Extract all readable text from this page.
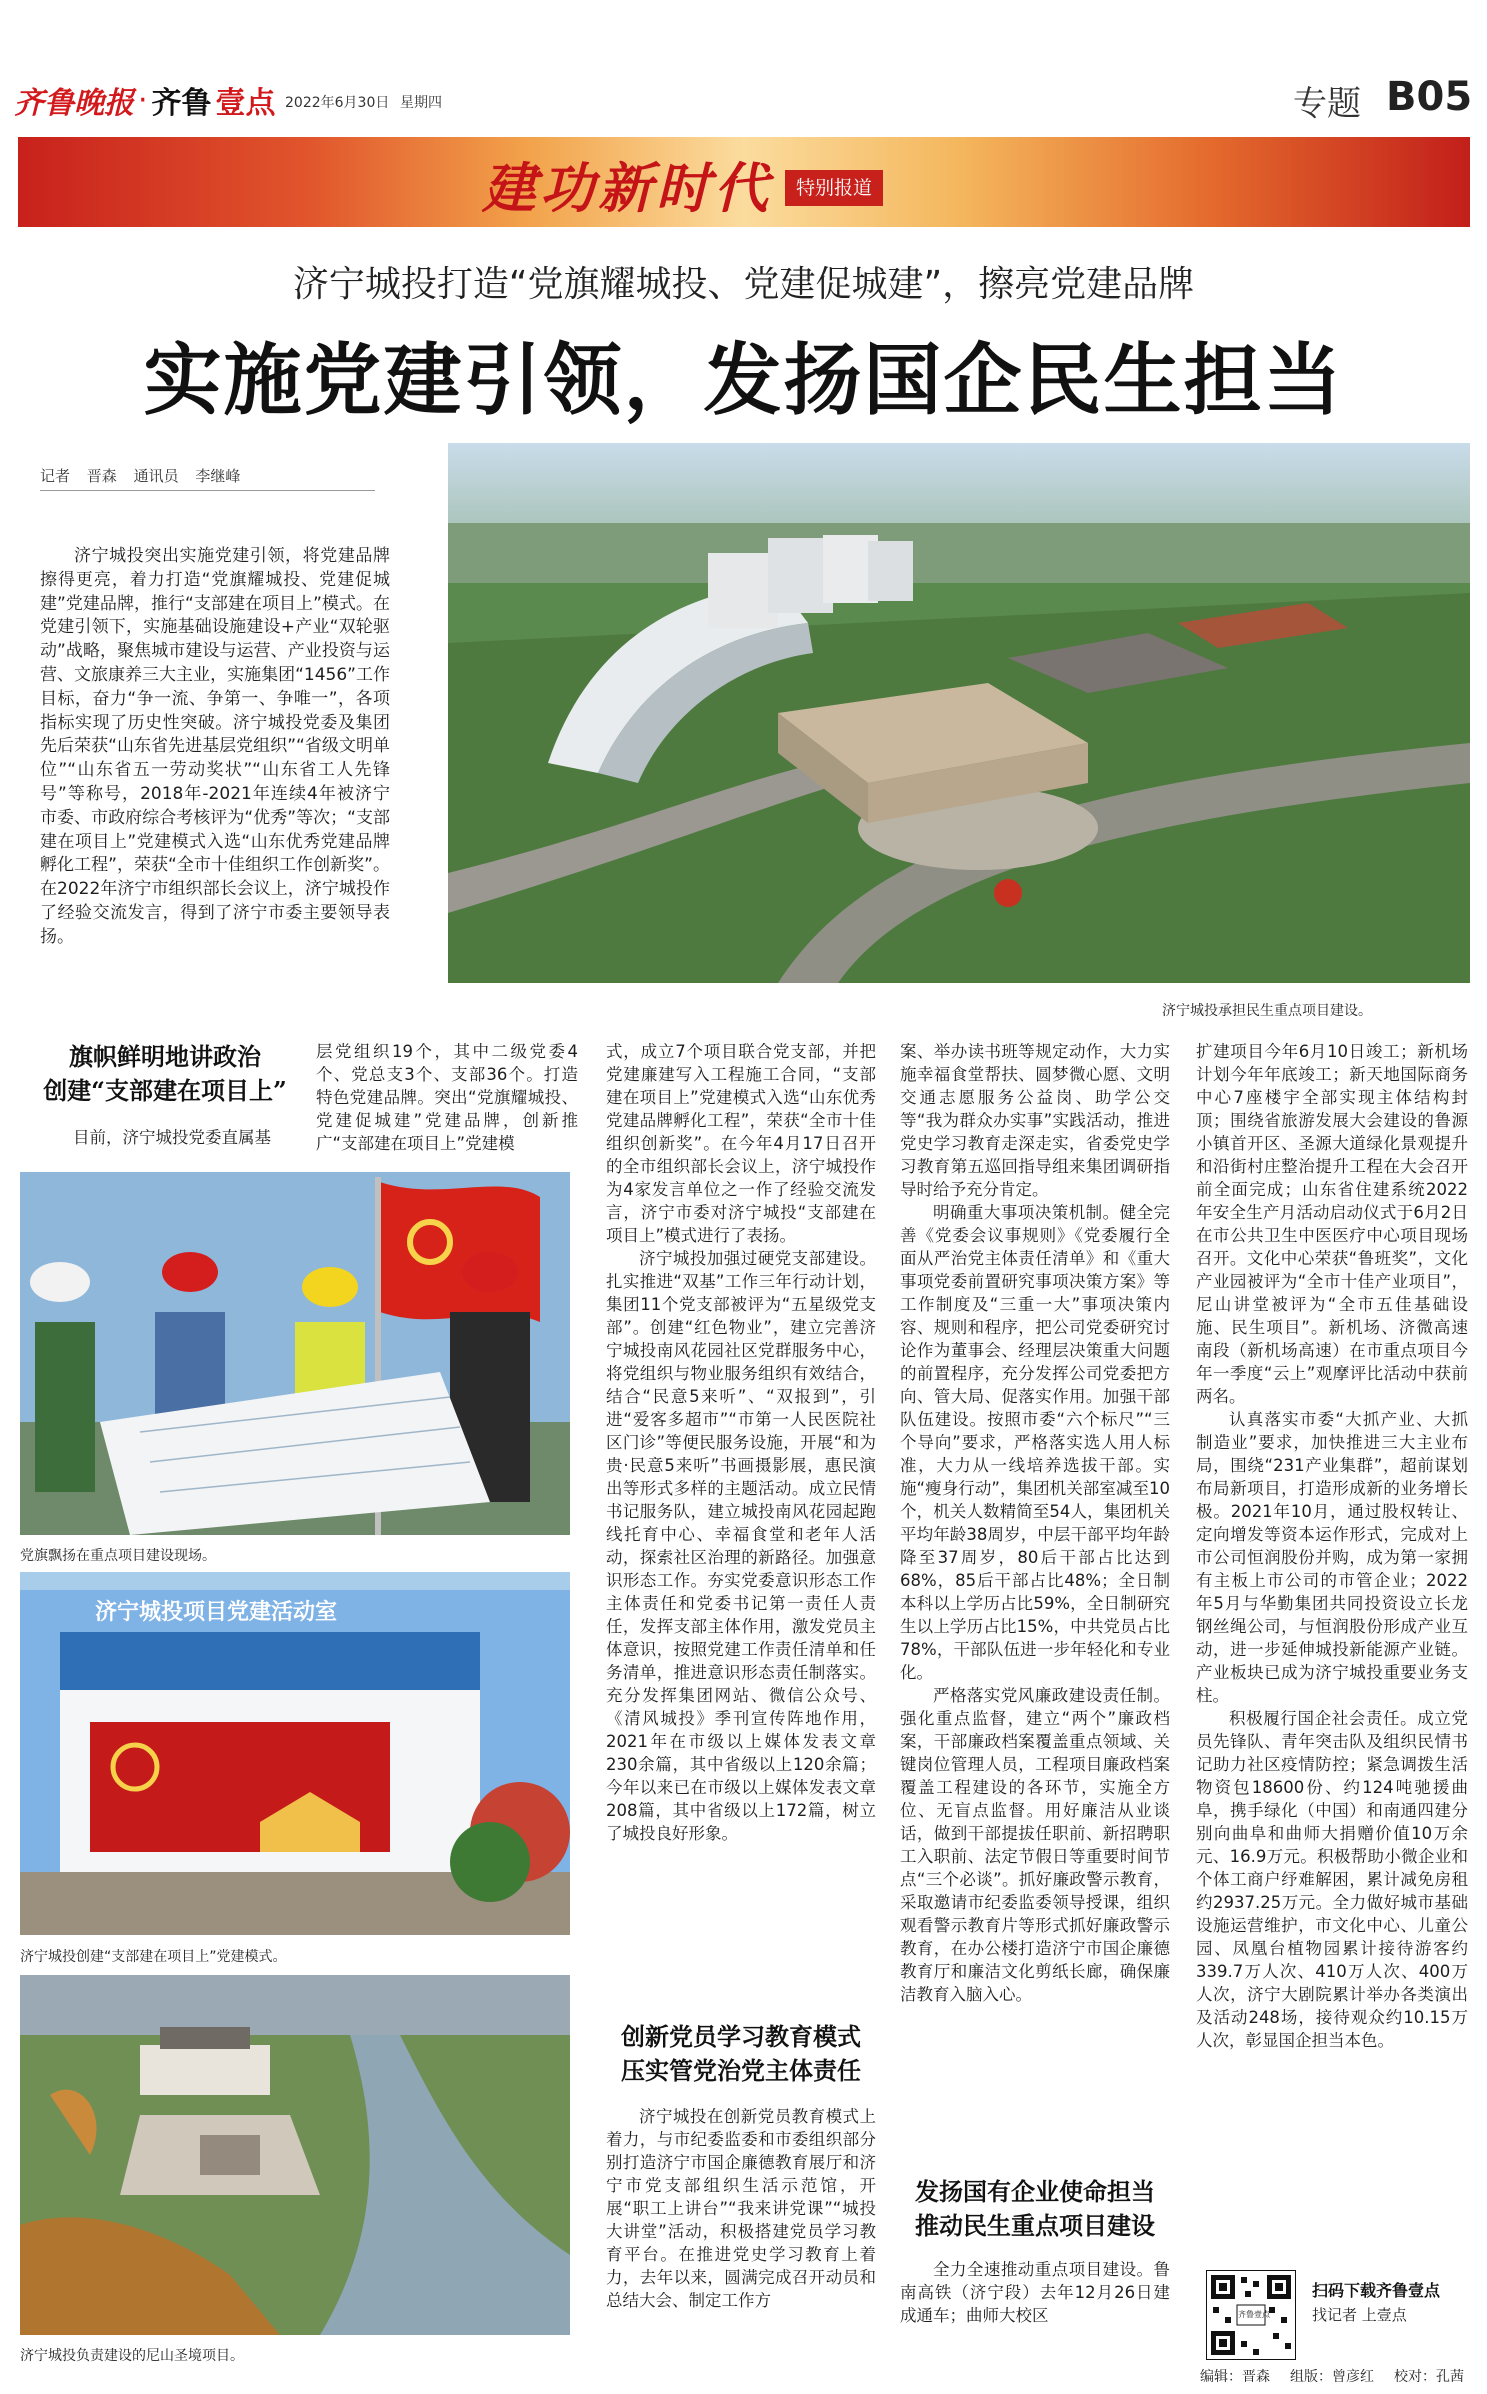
齐鲁晚报 · 齐鲁 壹点 2022年6月30日 星期四	专题 B05
建功新时代	特别报道
济宁城投打造“党旗耀城投、党建促城建”，擦亮党建品牌
实施党建引领，发扬国企民生担当
记者 晋森 通讯员 李继峰
济宁城投突出实施党建引领，将党建品牌擦得更亮，着力打造“党旗耀城投、党建促城建”党建品牌，推行“支部建在项目上”模式。在党建引领下，实施基础设施建设+产业“双轮驱动”战略，聚焦城市建设与运营、产业投资与运营、文旅康养三大主业，实施集团“1456”工作目标，奋力“争一流、争第一、争唯一”，各项指标实现了历史性突破。济宁城投党委及集团先后荣获“山东省先进基层党组织”“省级文明单位”“山东省五一劳动奖状”“山东省工人先锋号”等称号，2018年-2021年连续4年被济宁市委、市政府综合考核评为“优秀”等次；“支部建在项目上”党建模式入选“山东优秀党建品牌孵化工程”，荣获“全市十佳组织工作创新奖”。在2022年济宁市组织部长会议上，济宁城投作了经验交流发言，得到了济宁市委主要领导表扬。
济宁城投承担民生重点项目建设。
旗帜鲜明地讲政治
创建“支部建在项目上”
目前，济宁城投党委直属基
党旗飘扬在重点项目建设现场。
济宁城投项目党建活动室
济宁城投创建“支部建在项目上”党建模式。
济宁城投负责建设的尼山圣境项目。

层党组织19个，其中二级党委4个、党总支3个、支部36个。打造特色党建品牌。突出“党旗耀城投、党建促城建”党建品牌，创新推广“支部建在项目上”党建模

式，成立7个项目联合党支部，并把党建廉建写入工程施工合同，“支部建在项目上”党建模式入选“山东优秀党建品牌孵化工程”，荣获“全市十佳组织创新奖”。在今年4月17日召开的全市组织部长会议上，济宁城投作为4家发言单位之一作了经验交流发言，济宁市委对济宁城投“支部建在项目上”模式进行了表扬。

济宁城投加强过硬党支部建设。扎实推进“双基”工作三年行动计划，集团11个党支部被评为“五星级党支部”。创建“红色物业”，建立完善济宁城投南风花园社区党群服务中心，将党组织与物业服务组织有效结合，结合“民意5来听”、“双报到”，引进“爱客多超市”“市第一人民医院社区门诊”等便民服务设施，开展“和为贵·民意5来听”书画摄影展，惠民演出等形式多样的主题活动。成立民情书记服务队，建立城投南风花园起跑线托育中心、幸福食堂和老年人活动，探索社区治理的新路径。加强意识形态工作。夯实党委意识形态工作主体责任和党委书记第一责任人责任，发挥支部主体作用，激发党员主体意识，按照党建工作责任清单和任务清单，推进意识形态责任制落实。充分发挥集团网站、微信公众号、《清风城投》季刊宣传阵地作用，2021年在市级以上媒体发表文章230余篇，其中省级以上120余篇；今年以来已在市级以上媒体发表文章208篇，其中省级以上172篇，树立了城投良好形象。

创新党员学习教育模式
压实管党治党主体责任

济宁城投在创新党员教育模式上着力，与市纪委监委和市委组织部分别打造济宁市国企廉德教育展厅和济宁市党支部组织生活示范馆，开展“职工上讲台”“我来讲党课”“城投大讲堂”活动，积极搭建党员学习教育平台。在推进党史学习教育上着力，去年以来，圆满完成召开动员和总结大会、制定工作方

案、举办读书班等规定动作，大力实施幸福食堂帮扶、圆梦微心愿、文明交通志愿服务公益岗、助学公交等“我为群众办实事”实践活动，推进党史学习教育走深走实，省委党史学习教育第五巡回指导组来集团调研指导时给予充分肯定。

明确重大事项决策机制。健全完善《党委会议事规则》《党委履行全面从严治党主体责任清单》和《重大事项党委前置研究事项决策方案》等工作制度及“三重一大”事项决策内容、规则和程序，把公司党委研究讨论作为董事会、经理层决策重大问题的前置程序，充分发挥公司党委把方向、管大局、促落实作用。加强干部队伍建设。按照市委“六个标尺”“三个导向”要求，严格落实选人用人标准，大力从一线培养选拔干部。实施“瘦身行动”，集团机关部室减至10个，机关人数精简至54人，集团机关平均年龄38周岁，中层干部平均年龄降至37周岁，80后干部占比达到68%，85后干部占比48%；全日制本科以上学历占比59%，全日制研究生以上学历占比15%，中共党员占比78%，干部队伍进一步年轻化和专业化。

严格落实党风廉政建设责任制。强化重点监督，建立“两个”廉政档案，干部廉政档案覆盖重点领域、关键岗位管理人员，工程项目廉政档案覆盖工程建设的各环节，实施全方位、无盲点监督。用好廉洁从业谈话，做到干部提拔任职前、新招聘职工入职前、法定节假日等重要时间节点“三个必谈”。抓好廉政警示教育，采取邀请市纪委监委领导授课，组织观看警示教育片等形式抓好廉政警示教育，在办公楼打造济宁市国企廉德教育厅和廉洁文化剪纸长廊，确保廉洁教育入脑入心。

发扬国有企业使命担当
推动民生重点项目建设

全力全速推动重点项目建设。鲁南高铁（济宁段）去年12月26日建成通车；曲师大校区

扩建项目今年6月10日竣工；新机场计划今年年底竣工；新天地国际商务中心7座楼宇全部实现主体结构封顶；围绕省旅游发展大会建设的鲁源小镇首开区、圣源大道绿化景观提升和沿街村庄整治提升工程在大会召开前全面完成；山东省住建系统2022年安全生产月活动启动仪式于6月2日在市公共卫生中医医疗中心项目现场召开。文化中心荣获“鲁班奖”，文化产业园被评为“全市十佳产业项目”，尼山讲堂被评为“全市五佳基础设施、民生项目”。新机场、济微高速南段（新机场高速）在市重点项目今年一季度“云上”观摩评比活动中获前两名。

认真落实市委“大抓产业、大抓制造业”要求，加快推进三大主业布局，围绕“231产业集群”，超前谋划布局新项目，打造形成新的业务增长极。2021年10月，通过股权转让、定向增发等资本运作形式，完成对上市公司恒润股份并购，成为第一家拥有主板上市公司的市管企业；2022年5月与华勤集团共同投资设立长龙钢丝绳公司，与恒润股份形成产业互动，进一步延伸城投新能源产业链。产业板块已成为济宁城投重要业务支柱。

积极履行国企社会责任。成立党员先锋队、青年突击队及组织民情书记助力社区疫情防控；紧急调拨生活物资包18600份、约124吨驰援曲阜，携手绿化（中国）和南通四建分别向曲阜和曲师大捐赠价值10万余元、16.9万元。积极帮助小微企业和个体工商户纾难解困，累计减免房租约2937.25万元。全力做好城市基础设施运营维护，市文化中心、儿童公园、凤凰台植物园累计接待游客约339.7万人次、410万人次、400万人次，济宁大剧院累计举办各类演出及活动248场，接待观众约10.15万人次，彰显国企担当本色。

齐鲁壹点
扫码下载齐鲁壹点
找记者 上壹点
编辑：晋森 组版：曾彦红 校对：孔茜
